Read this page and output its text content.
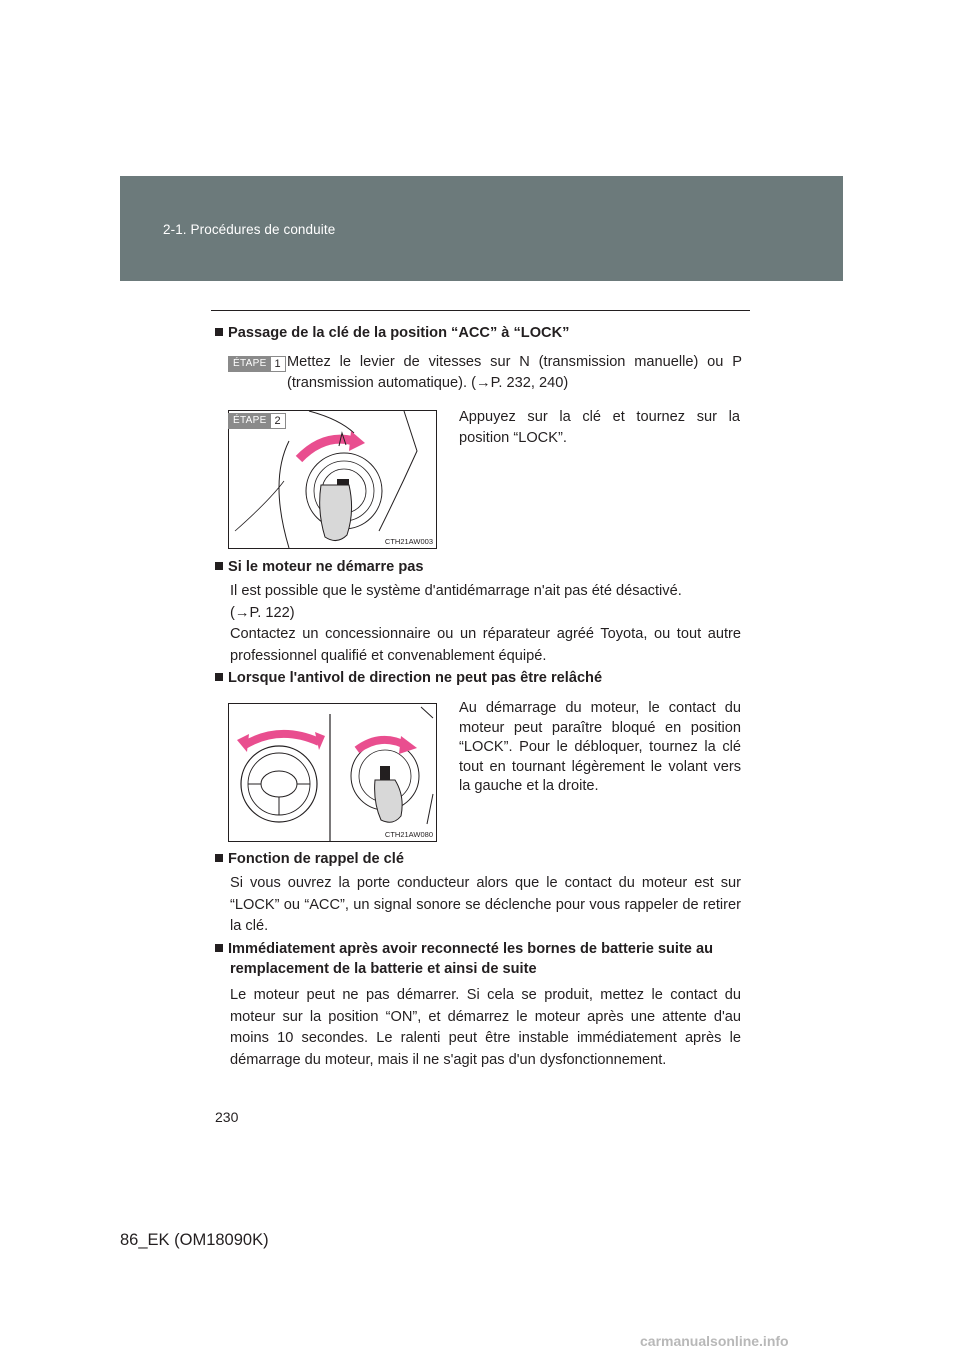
2-1. Procédures de conduite
Passage de la clé de la position “ACC” à “LOCK”
ÉTAPE 1 Mettez le levier de vitesses sur N (transmission manuelle) ou P (transmission automatique). (→P. 232, 240)
CTH21AW003
ÉTAPE 2	Appuyez sur la clé et tournez sur la position “LOCK”.
Si le moteur ne démarre pas
Il est possible que le système d'antidémarrage n'ait pas été désactivé.
(→P. 122)
Contactez un concessionnaire ou un réparateur agréé Toyota, ou tout autre professionnel qualifié et convenablement équipé.
Lorsque l'antivol de direction ne peut pas être relâché
CTH21AW080
Au démarrage du moteur, le contact du moteur peut paraître bloqué en position “LOCK”. Pour le débloquer, tournez la clé tout en tournant légèrement le volant vers la gauche et la droite.
Fonction de rappel de clé
Si vous ouvrez la porte conducteur alors que le contact du moteur est sur “LOCK” ou “ACC”, un signal sonore se déclenche pour vous rappeler de retirer la clé.
Immédiatement après avoir reconnecté les bornes de batterie suite au
remplacement de la batterie et ainsi de suite
Le moteur peut ne pas démarrer. Si cela se produit, mettez le contact du moteur sur la position “ON”, et démarrez le moteur après une attente d'au moins 10 secondes. Le ralenti peut être instable immédiatement après le démarrage du moteur, mais il ne s'agit pas d'un dysfonctionnement.
230
86_EK (OM18090K)
carmanualsonline.info
